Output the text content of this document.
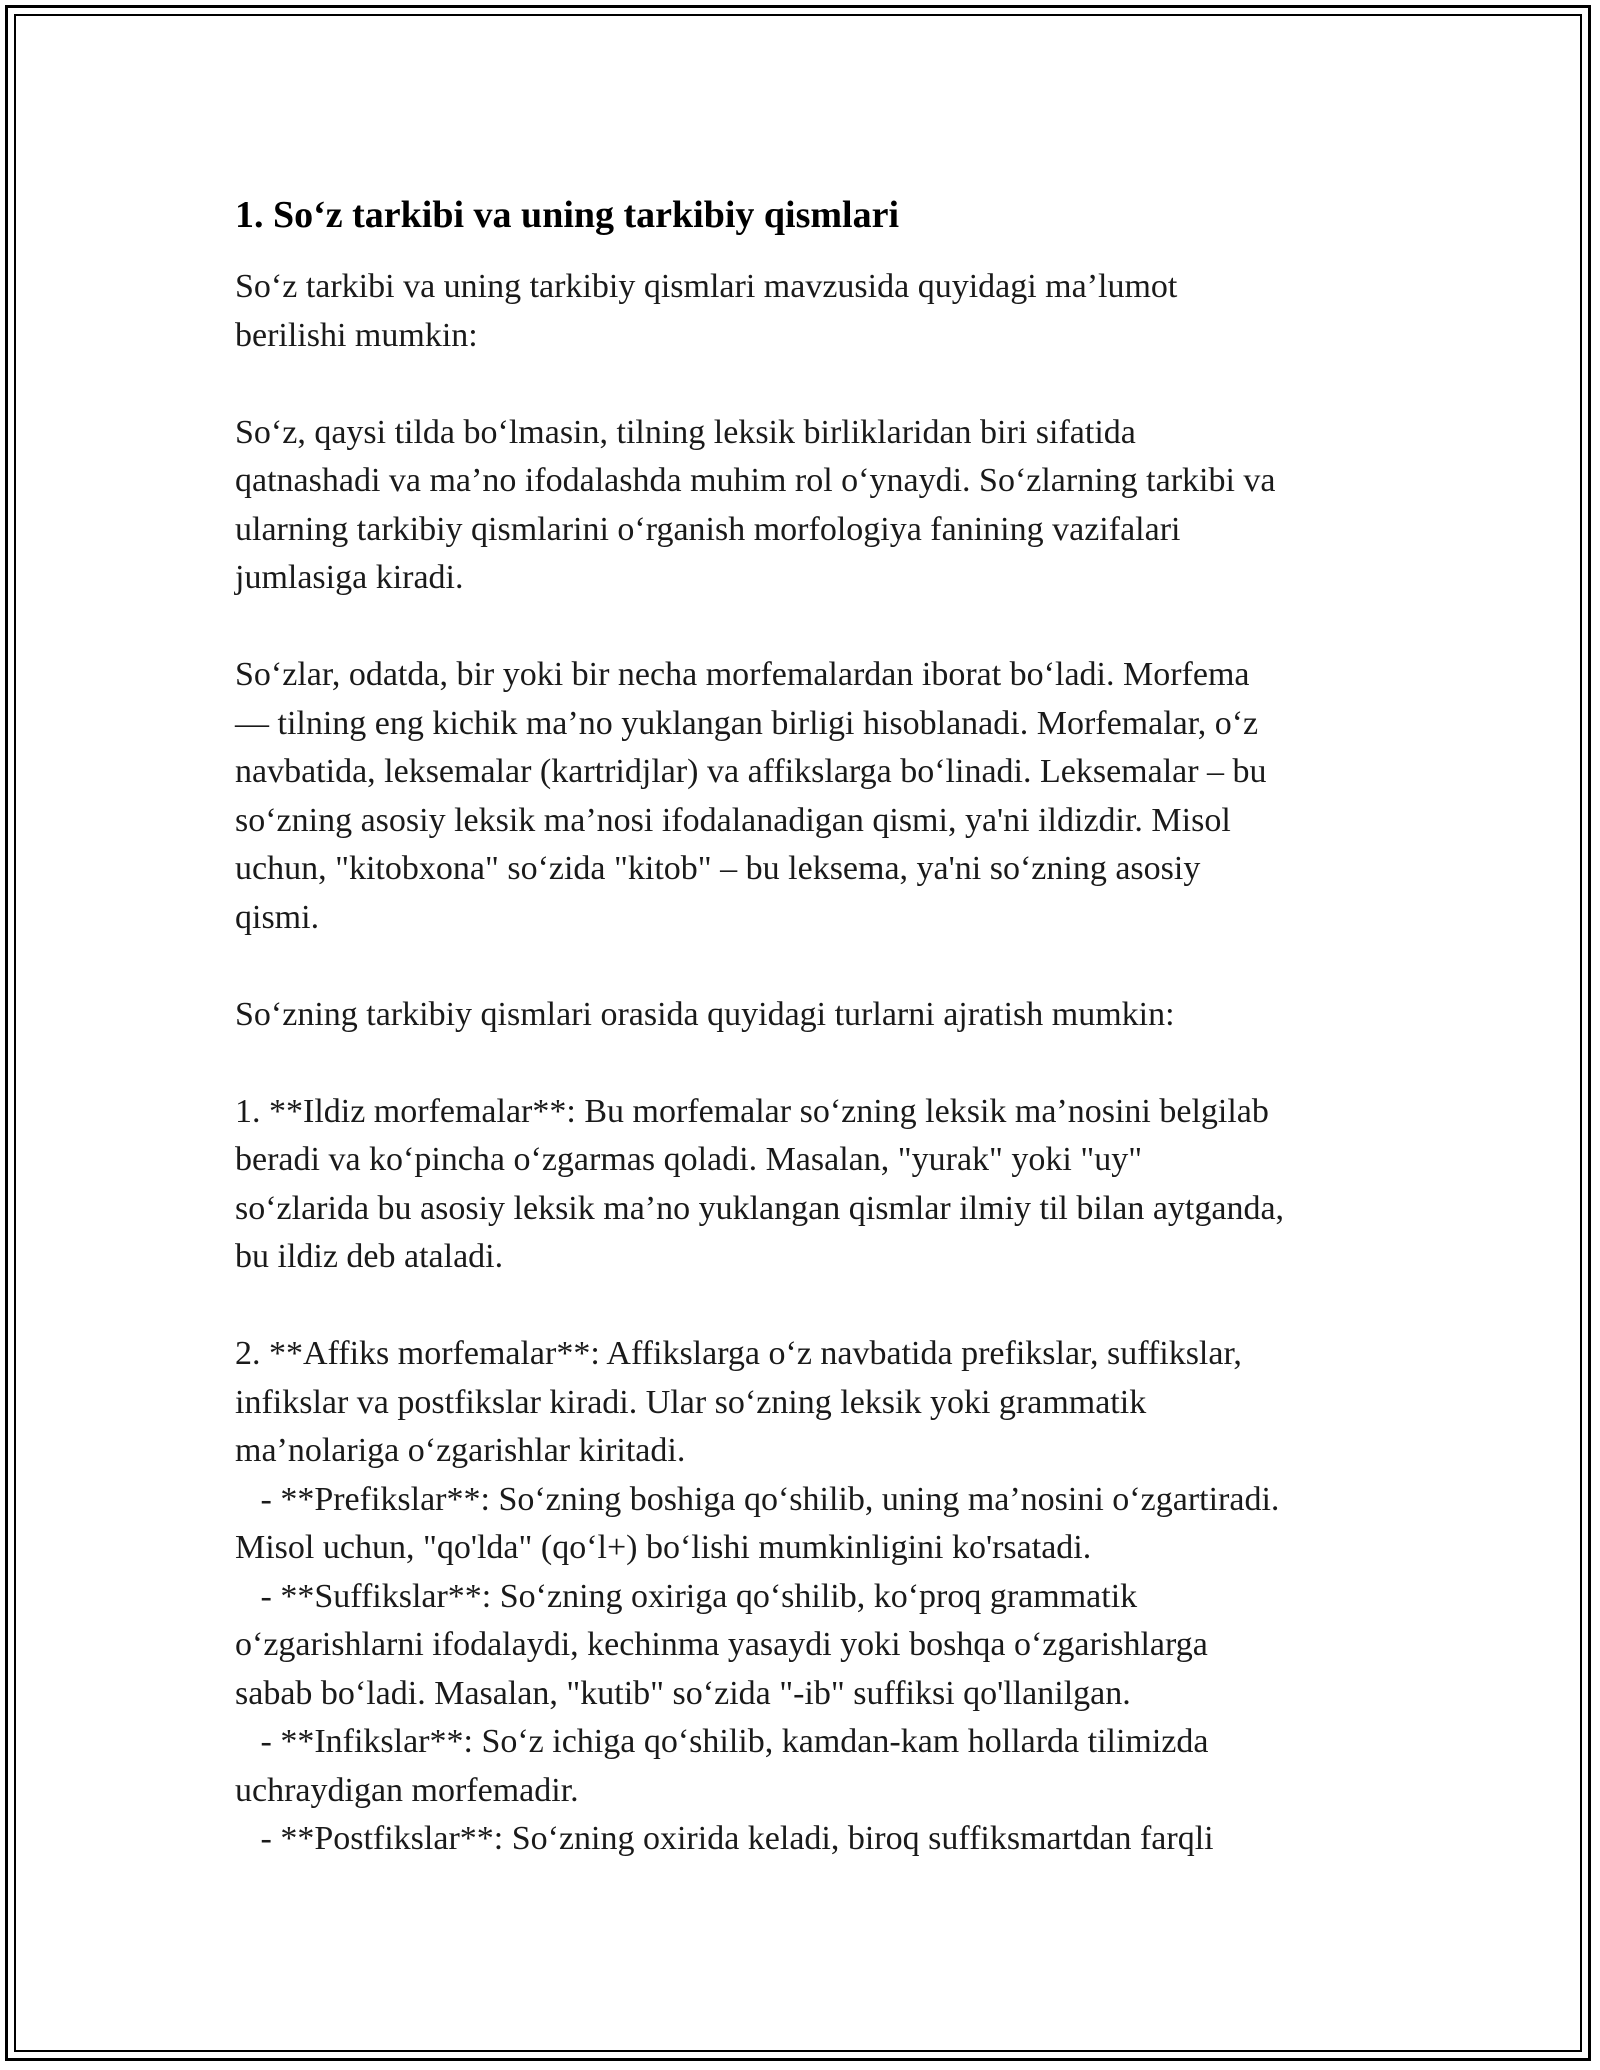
1. So‘z tarkibi va uning tarkibiy qismlari
So‘z tarkibi va uning tarkibiy qismlari mavzusida quyidagi ma’lumot
berilishi mumkin:

So‘z, qaysi tilda bo‘lmasin, tilning leksik birliklaridan biri sifatida
qatnashadi va ma’no ifodalashda muhim rol o‘ynaydi. So‘zlarning tarkibi va
ularning tarkibiy qismlarini o‘rganish morfologiya fanining vazifalari
jumlasiga kiradi.

So‘zlar, odatda, bir yoki bir necha morfemalardan iborat bo‘ladi. Morfema
— tilning eng kichik ma’no yuklangan birligi hisoblanadi. Morfemalar, o‘z
navbatida, leksemalar (kartridjlar) va affikslarga bo‘linadi. Leksemalar – bu
so‘zning asosiy leksik ma’nosi ifodalanadigan qismi, ya'ni ildizdir. Misol
uchun, "kitobxona" so‘zida "kitob" – bu leksema, ya'ni so‘zning asosiy
qismi.

So‘zning tarkibiy qismlari orasida quyidagi turlarni ajratish mumkin:

1. **Ildiz morfemalar**: Bu morfemalar so‘zning leksik ma’nosini belgilab
beradi va ko‘pincha o‘zgarmas qoladi. Masalan, "yurak" yoki "uy"
so‘zlarida bu asosiy leksik ma’no yuklangan qismlar ilmiy til bilan aytganda,
bu ildiz deb ataladi.

2. **Affiks morfemalar**: Affikslarga o‘z navbatida prefikslar, suffikslar,
infikslar va postfikslar kiradi. Ular so‘zning leksik yoki grammatik
ma’nolariga o‘zgarishlar kiritadi.
- **Prefikslar**: So‘zning boshiga qo‘shilib, uning ma’nosini o‘zgartiradi.
Misol uchun, "qo'lda" (qo‘l+) bo‘lishi mumkinligini ko'rsatadi.
- **Suffikslar**: So‘zning oxiriga qo‘shilib, ko‘proq grammatik
o‘zgarishlarni ifodalaydi, kechinma yasaydi yoki boshqa o‘zgarishlarga
sabab bo‘ladi. Masalan, "kutib" so‘zida "-ib" suffiksi qo'llanilgan.
- **Infikslar**: So‘z ichiga qo‘shilib, kamdan-kam hollarda tilimizda
uchraydigan morfemadir.
- **Postfikslar**: So‘zning oxirida keladi, biroq suffiksmartdan farqli
